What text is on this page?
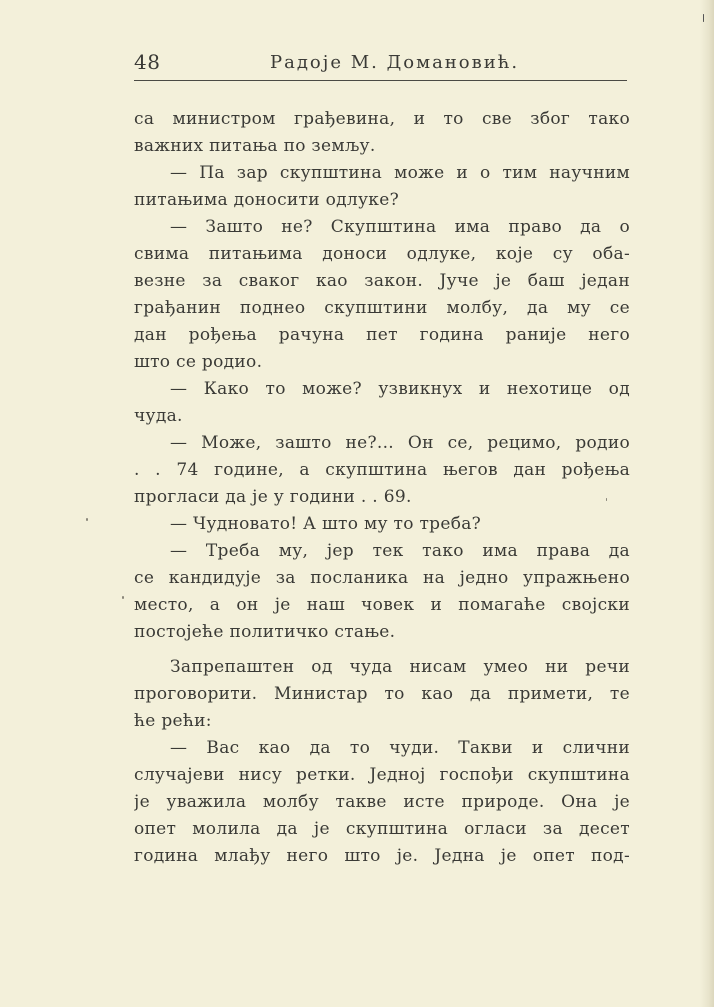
48	Радоје М. Домановић.
са министром грађевина, и то све због тако
важних питања по земљу.
— Па зар скупштина може и о тим научним
питањима доносити одлуке?
— Зашто не? Скупштина има право да о
свима питањима доноси одлуке, које су оба-
везне за сваког као закон. Јуче је баш један
грађанин поднео скупштини молбу, да му се
дан рођења рачуна пет година раније него
што се родио.
— Како то може? узвикнух и нехотице од
чуда.
— Може, зашто не?... Он се, рецимо, родио
. . 74 године, а скупштина његов дан рођења
прогласи да је у години . . 69.
— Чудновато! А што му то треба?
— Треба му, јер тек тако има права да
се кандидује за посланика на једно упражњено
место, а он је наш човек и помагаће својски
постојеће политичко стање.
Запрепаштен од чуда нисам умео ни речи
проговорити. Министар то као да примети, те
ће рећи:
— Вас као да то чуди. Такви и слични
случајеви нису ретки. Једној госпођи скупштина
је уважила молбу такве исте природе. Она је
опет молила да је скупштина огласи за десет
година млађу него што је. Једна је опет под-
